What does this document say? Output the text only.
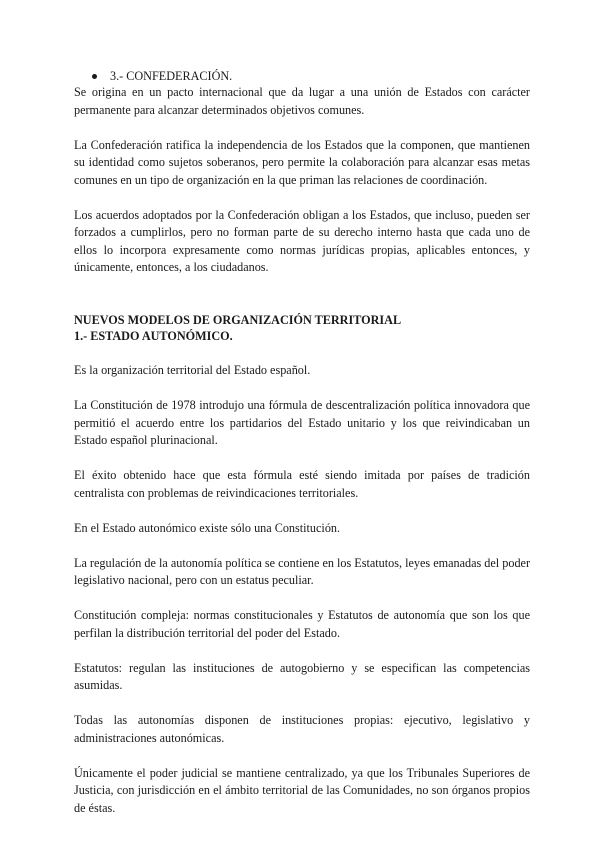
3.- CONFEDERACIÓN.

Se origina en un pacto internacional que da lugar a una unión de Estados con carácter permanente para alcanzar determinados objetivos comunes.

La Confederación ratifica la independencia de los Estados que la componen, que mantienen su identidad como sujetos soberanos, pero permite la colaboración para alcanzar esas metas comunes en un tipo de organización en la que priman las relaciones de coordinación.

Los acuerdos adoptados por la Confederación obligan a los Estados, que incluso, pueden ser forzados a cumplirlos, pero no forman parte de su derecho interno hasta que cada uno de ellos lo incorpora expresamente como normas jurídicas propias, aplicables entonces, y únicamente, entonces, a los ciudadanos.

NUEVOS MODELOS DE ORGANIZACIÓN TERRITORIAL
1.- ESTADO AUTONÓMICO.

Es la organización territorial del Estado español.

La Constitución de 1978 introdujo una fórmula de descentralización política innovadora que permitió el acuerdo entre los partidarios del Estado unitario y los que reivindicaban un Estado español plurinacional.

El éxito obtenido hace que esta fórmula esté siendo imitada por países de tradición centralista con problemas de reivindicaciones territoriales.

En el Estado autonómico existe sólo una Constitución.

La regulación de la autonomía política se contiene en los Estatutos, leyes emanadas del poder legislativo nacional, pero con un estatus peculiar.

Constitución compleja: normas constitucionales y Estatutos de autonomía que son los que perfilan la distribución territorial del poder del Estado.

Estatutos: regulan las instituciones de autogobierno y se especifican las competencias asumidas.

Todas las autonomías disponen de instituciones propias: ejecutivo, legislativo y administraciones autonómicas.

Únicamente el poder judicial se mantiene centralizado, ya que los Tribunales Superiores de Justicia, con jurisdicción en el ámbito territorial de las Comunidades, no son órganos propios de éstas.
